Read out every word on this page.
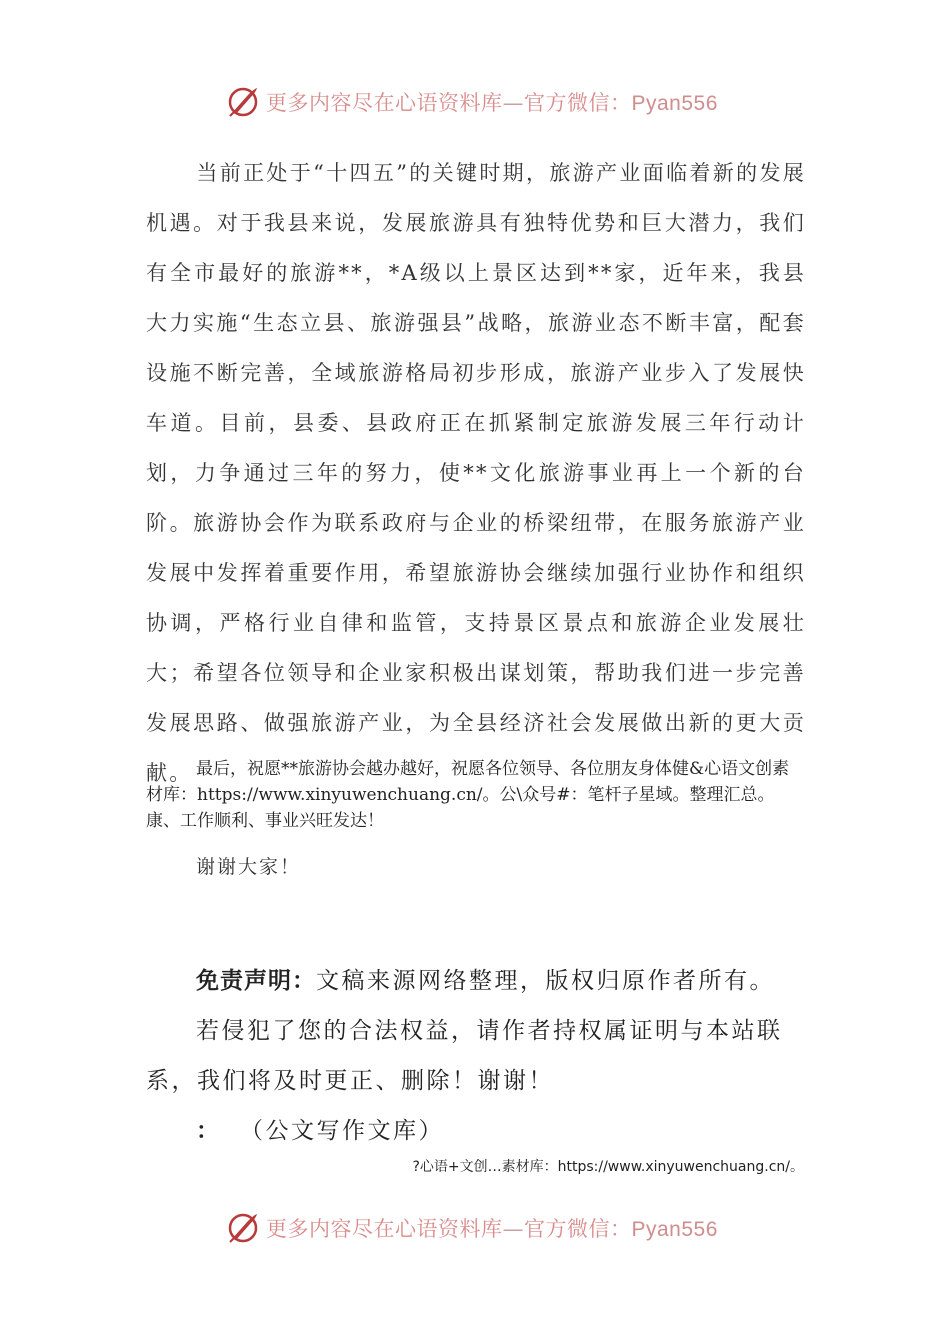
更多内容尽在心语资料库—官方微信：Pyan556

当前正处于“十四五”的关键时期，旅游产业面临着新的发展机遇。对于我县来说，发展旅游具有独特优势和巨大潜力，我们有全市最好的旅游**，*A级以上景区达到**家，近年来，我县大力实施“生态立县、旅游强县”战略，旅游业态不断丰富，配套设施不断完善，全域旅游格局初步形成，旅游产业步入了发展快车道。目前，县委、县政府正在抓紧制定旅游发展三年行动计划，力争通过三年的努力，使**文化旅游事业再上一个新的台阶。旅游协会作为联系政府与企业的桥梁纽带，在服务旅游产业发展中发挥着重要作用，希望旅游协会继续加强行业协作和组织协调，严格行业自律和监管，支持景区景点和旅游企业发展壮大；希望各位领导和企业家积极出谋划策，帮助我们进一步完善发展思路、做强旅游产业，为全县经济社会发展做出新的更大贡献。 最后，祝愿**旅游协会越办越好，祝愿各位领导、各位朋友身体健&心语文创素材库：https://www.xinyuwenchuang.cn/。公\众号#：笔杆子星域。整理汇总。康、工作顺利、事业兴旺发达！
谢谢大家！

免责声明：文稿来源网络整理，版权归原作者所有。

若侵犯了您的合法权益，请作者持权属证明与本站联系，我们将及时更正、删除！谢谢！

： （公文写作文库）

?心语+文创…素材库：https://www.xinyuwenchuang.cn/。
更多内容尽在心语资料库—官方微信：Pyan556
